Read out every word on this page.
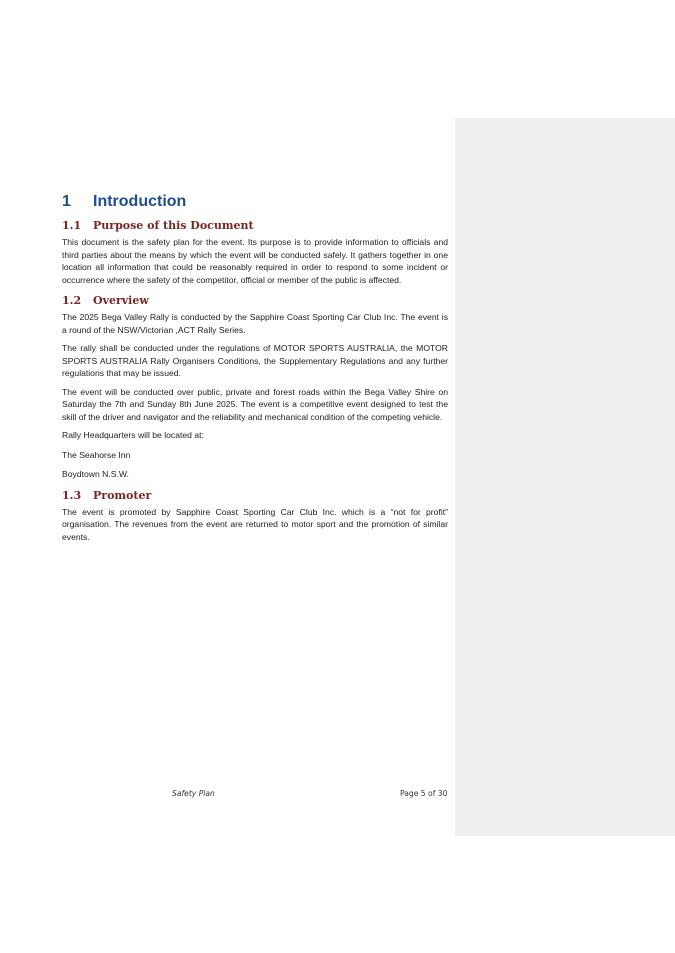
1	Introduction
1.1	Purpose of this Document

This document is the safety plan for the event. Its purpose is to provide information to officials and third parties about the means by which the event will be conducted safely. It gathers together in one location all information that could be reasonably required in order to respond to some incident or occurrence where the safety of the competitor, official or member of the public is affected.

1.2	Overview

The 2025 Bega Valley Rally is conducted by the Sapphire Coast Sporting Car Club Inc. The event is a round of the NSW/Victorian ,ACT Rally Series.

The rally shall be conducted under the regulations of MOTOR SPORTS AUSTRALIA, the MOTOR SPORTS AUSTRALIA Rally Organisers Conditions, the Supplementary Regulations and any further regulations that may be issued.

The event will be conducted over public, private and forest roads within the Bega Valley Shire on Saturday the 7th and Sunday 8th June 2025. The event is a competitive event designed to test the skill of the driver and navigator and the reliability and mechanical condition of the competing vehicle.

Rally Headquarters will be located at:

The Seahorse Inn

Boydtown N.S.W.

1.3	Promoter

The event is promoted by Sapphire Coast Sporting Car Club Inc. which is a “not for profit” organisation. The revenues from the event are returned to motor sport and the promotion of similar events.

Safety Plan	Page 5 of 30
